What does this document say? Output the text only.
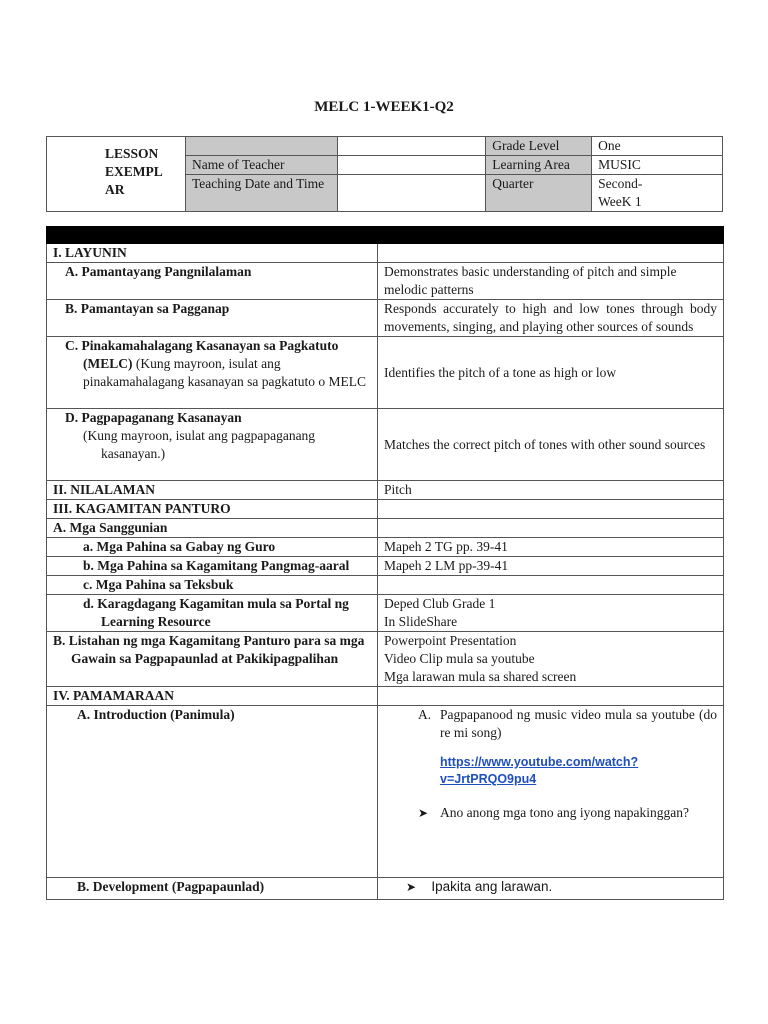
MELC 1-WEEK1-Q2
LESSON EXEMPL AR			Grade Level	One
	Name of Teacher		Learning Area	MUSIC

	Teaching Date and Time		Quarter	Second- WeeK 1

I. LAYUNIN	
A. Pamantayang Pangnilalaman	Demonstrates basic understanding of pitch and simple melodic patterns
B. Pamantayan sa Pagganap	Responds accurately to high and low tones through body movements, singing, and playing other sources of sounds

C. Pinakamahalagang Kasanayan sa Pagkatuto (MELC) (Kung mayroon, isulat ang pinakamahalagang kasanayan sa pagkatuto o MELC	Identifies the pitch of a tone as high or low

D. Pagpapaganang Kasanayan

(Kung mayroon, isulat ang pagpapaganang kasanayan.)	Matches the correct pitch of tones with other sound sources
II. NILALAMAN	Pitch
III. KAGAMITAN PANTURO	
A. Mga Sanggunian	
a. Mga Pahina sa Gabay ng Guro	Mapeh 2 TG pp. 39-41

b. Mga Pahina sa Kagamitang Pangmag-aaral	Mapeh 2 LM pp-39-41
c. Mga Pahina sa Teksbuk	

d. Karagdagang Kagamitan mula sa Portal ng Learning Resource	Deped Club Grade 1
In SlideShare

B. Listahan ng mga Kagamitang Panturo para sa mga Gawain sa Pagpapaunlad at Pakikipagpalihan	Powerpoint Presentation
Video Clip mula sa youtube
Mga larawan mula sa shared screen

IV. PAMAMARAAN	
A. Introduction (Panimula)	A. Pagpapanood ng music video mula sa youtube (do re mi song)
https://www.youtube.com/watch?v=JrtPRQO9pu4
➤ Ano anong mga tono ang iyong napakinggan?

B. Development (Pagpapaunlad)	➤ Ipakita ang larawan.
